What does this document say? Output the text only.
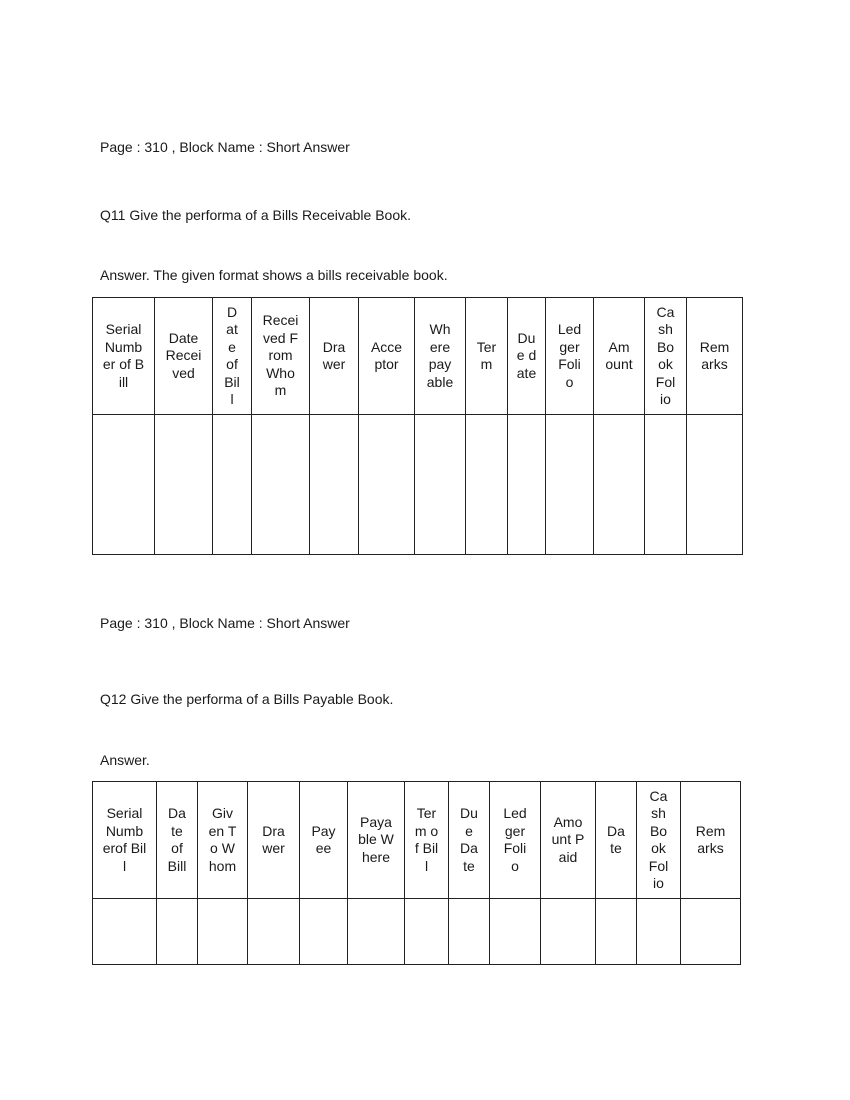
Page : 310 , Block Name : Short Answer
Q11 Give the performa of a Bills Receivable Book.
Answer. The given format shows a bills receivable book.
Serial Number of Bill	Date Received	Date of Bill	Received From Whom	Drawer	Acceptor	Where payable	Term	Due date	Ledger Folio	Amount	Cash Book Folio	Remarks

Page : 310 , Block Name : Short Answer
Q12 Give the performa of a Bills Payable Book.
Answer.
Serial Numberof Bill	Date of Bill	Given To Whom	Drawer	Payee	Payable Where	Term of Bill	Due Date	Ledger Folio	Amount Paid	Date	Cash Book Folio	Remarks
